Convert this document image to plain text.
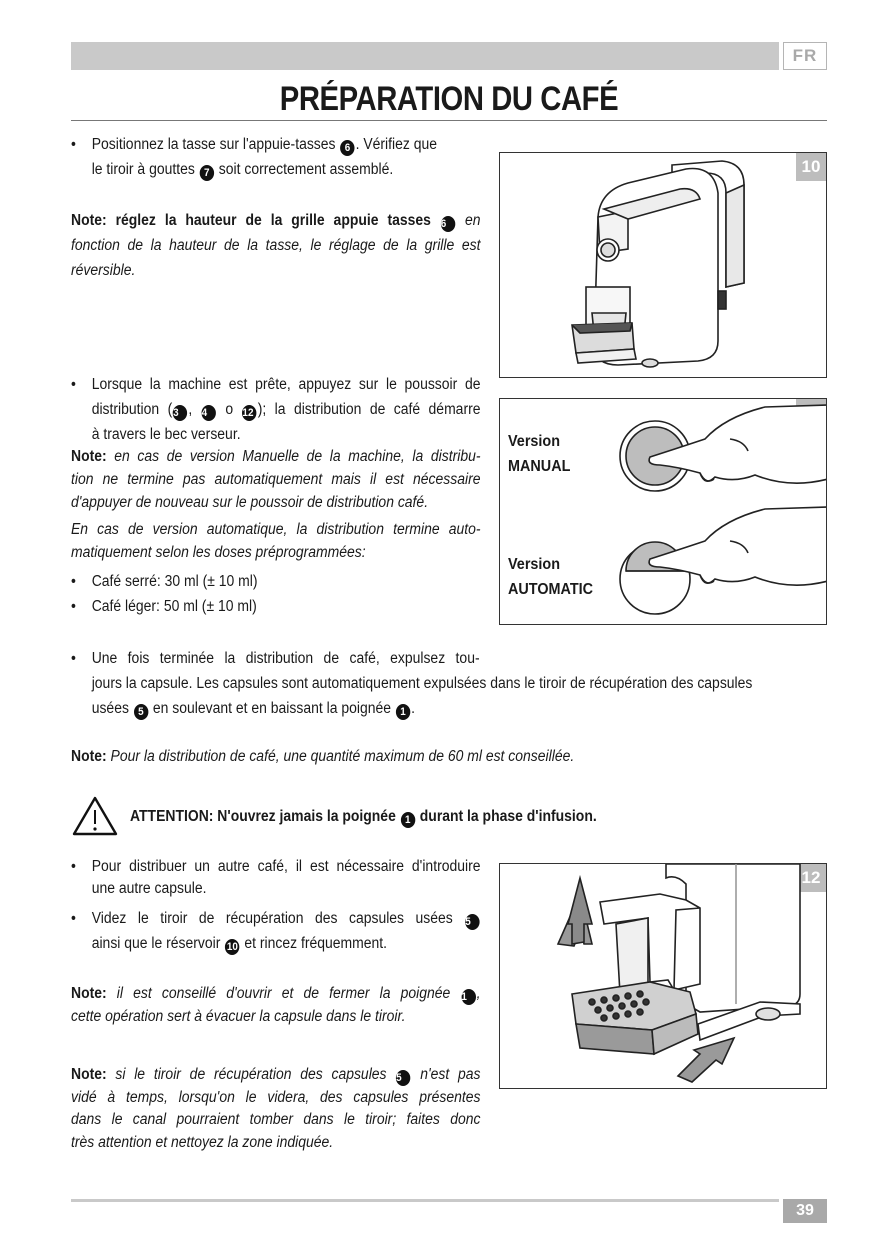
FR
PRÉPARATION DU CAFÉ
• Positionnez la tasse sur l'appuie-tasses 6 . Vérifiez que
le tiroir à gouttes 7 soit correctement assemblé.
Note: réglez la hauteur de la grille appuie tasses 6 en
fonction de la hauteur de la tasse, le réglage de la grille est
réversible.
10
• Lorsque la machine est prête, appuyez sur le poussoir de
distribution (3 , 4 o 12 ); la distribution de café démarre
à travers le bec verseur.
Note: en cas de version Manuelle de la machine, la distribu-
tion ne termine pas automatiquement mais il est nécessaire
d'appuyer de nouveau sur le poussoir de distribution café.
En cas de version automatique, la distribution termine auto-
matiquement selon les doses préprogrammées:
• Café serré: 30 ml (± 10 ml)
• Café léger: 50 ml (± 10 ml)
Version
MANUAL
Version
AUTOMATIC
• Une fois terminée la distribution de café, expulsez tou-
jours la capsule. Les capsules sont automatiquement expulsées dans le tiroir de récupération des capsules
usées 5 en soulevant et en baissant la poignée 1 .
Note: Pour la distribution de café, une quantité maximum de 60 ml est conseillée.
ATTENTION: N'ouvrez jamais la poignée 1 durant la phase d'infusion.
• Pour distribuer un autre café, il est nécessaire d'introduire
une autre capsule.
• Videz le tiroir de récupération des capsules usées 5
ainsi que le réservoir 10 et rincez fréquemment.
Note: il est conseillé d'ouvrir et de fermer la poignée 1 ,
cette opération sert à évacuer la capsule dans le tiroir.
Note: si le tiroir de récupération des capsules 5 n'est pas
vidé à temps, lorsqu'on le videra, des capsules présentes
dans le canal pourraient tomber dans le tiroir; faites donc
très attention et nettoyez la zone indiquée.
12
39
